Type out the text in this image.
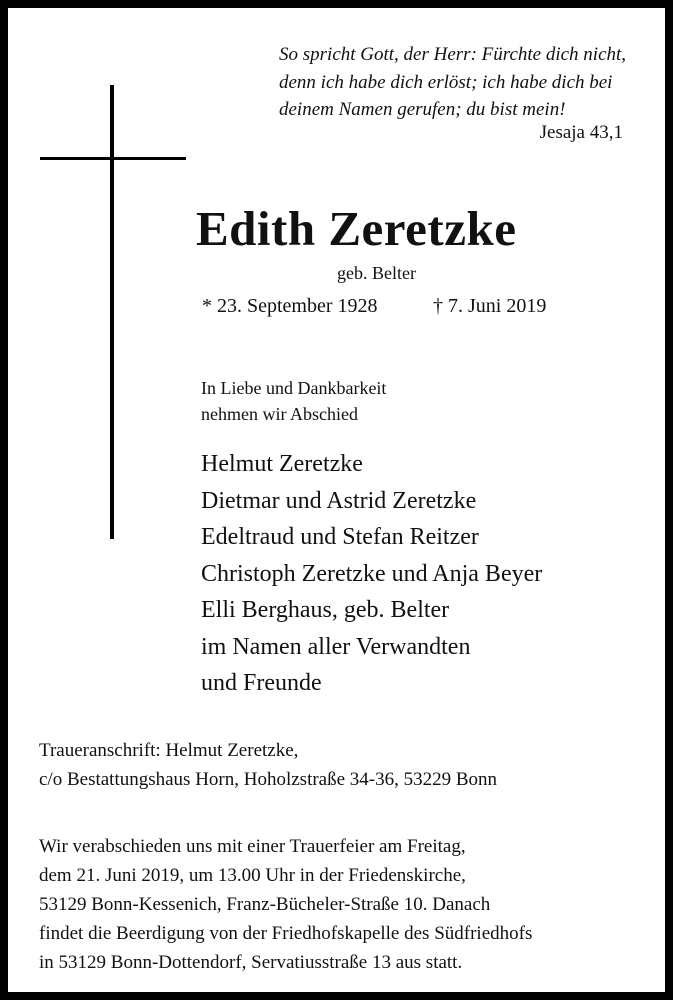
So spricht Gott, der Herr: Fürchte dich nicht,
denn ich habe dich erlöst; ich habe dich bei
deinem Namen gerufen; du bist mein!
Jesaja 43,1
Edith Zeretzke
geb. Belter
* 23. September 1928	† 7. Juni 2019
In Liebe und Dankbarkeit
nehmen wir Abschied
Helmut Zeretzke
Dietmar und Astrid Zeretzke
Edeltraud und Stefan Reitzer
Christoph Zeretzke und Anja Beyer
Elli Berghaus, geb. Belter
im Namen aller Verwandten
und Freunde
Traueranschrift: Helmut Zeretzke,
c/o Bestattungshaus Horn, Hoholzstraße 34-36, 53229 Bonn
Wir verabschieden uns mit einer Trauerfeier am Freitag,
dem 21. Juni 2019, um 13.00 Uhr in der Friedenskirche,
53129 Bonn-Kessenich, Franz-Bücheler-Straße 10. Danach
findet die Beerdigung von der Friedhofskapelle des Südfriedhofs
in 53129 Bonn-Dottendorf, Servatiusstraße 13 aus statt.
